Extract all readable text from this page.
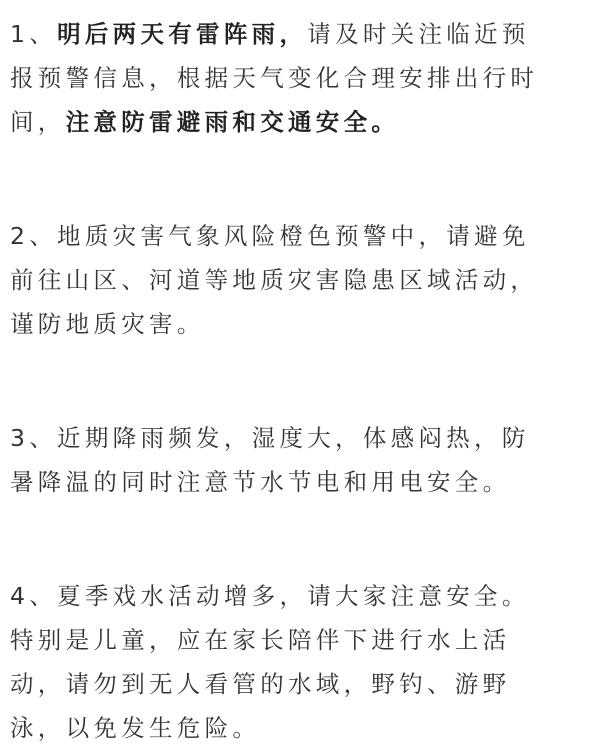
1、明后两天有雷阵雨，请及时关注临近预
报预警信息，根据天气变化合理安排出行时
间，注意防雷避雨和交通安全。

2、地质灾害气象风险橙色预警中，请避免
前往山区、河道等地质灾害隐患区域活动，
谨防地质灾害。

3、近期降雨频发，湿度大，体感闷热，防
暑降温的同时注意节水节电和用电安全。

4、夏季戏水活动增多，请大家注意安全。
特别是儿童，应在家长陪伴下进行水上活
动，请勿到无人看管的水域，野钓、游野
泳，以免发生危险。
